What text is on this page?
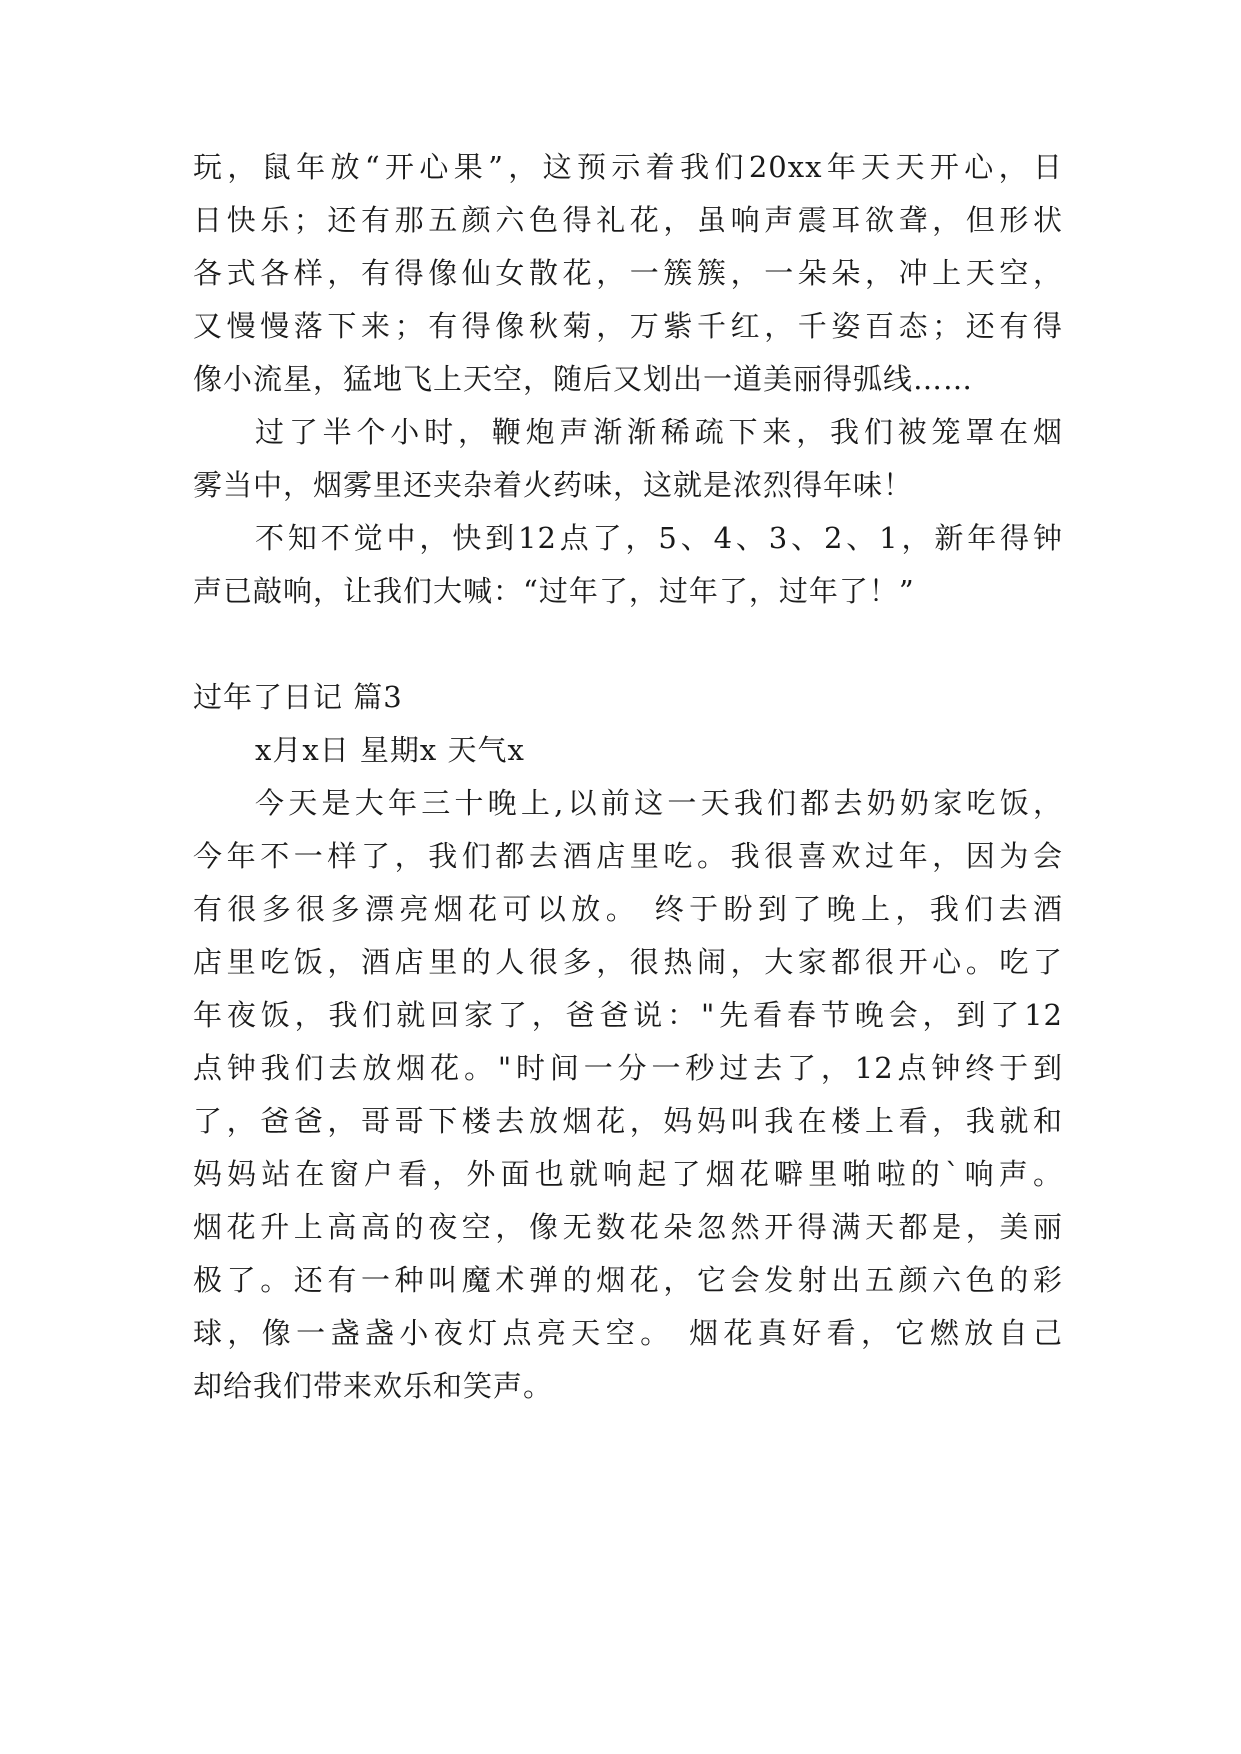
玩，鼠年放“开心果”，这预示着我们20xx年天天开心，日
日快乐；还有那五颜六色得礼花，虽响声震耳欲聋，但形状
各式各样，有得像仙女散花，一簇簇，一朵朵，冲上天空，
又慢慢落下来；有得像秋菊，万紫千红，千姿百态；还有得
像小流星，猛地飞上天空，随后又划出一道美丽得弧线……
过了半个小时，鞭炮声渐渐稀疏下来，我们被笼罩在烟
雾当中，烟雾里还夹杂着火药味，这就是浓烈得年味！
不知不觉中，快到12点了，5、4、3、2、1，新年得钟
声已敲响，让我们大喊：“过年了，过年了，过年了！”
过年了日记 篇3
x月x日 星期x 天气x
今天是大年三十晚上,以前这一天我们都去奶奶家吃饭，
今年不一样了，我们都去酒店里吃。我很喜欢过年，因为会
有很多很多漂亮烟花可以放。 终于盼到了晚上，我们去酒
店里吃饭，酒店里的人很多，很热闹，大家都很开心。吃了
年夜饭，我们就回家了，爸爸说："先看春节晚会，到了12
点钟我们去放烟花。"时间一分一秒过去了，12点钟终于到
了，爸爸，哥哥下楼去放烟花，妈妈叫我在楼上看，我就和
妈妈站在窗户看，外面也就响起了烟花噼里啪啦的`响声。
烟花升上高高的夜空，像无数花朵忽然开得满天都是，美丽
极了。还有一种叫魔术弹的烟花，它会发射出五颜六色的彩
球，像一盏盏小夜灯点亮天空。 烟花真好看，它燃放自己
却给我们带来欢乐和笑声。
